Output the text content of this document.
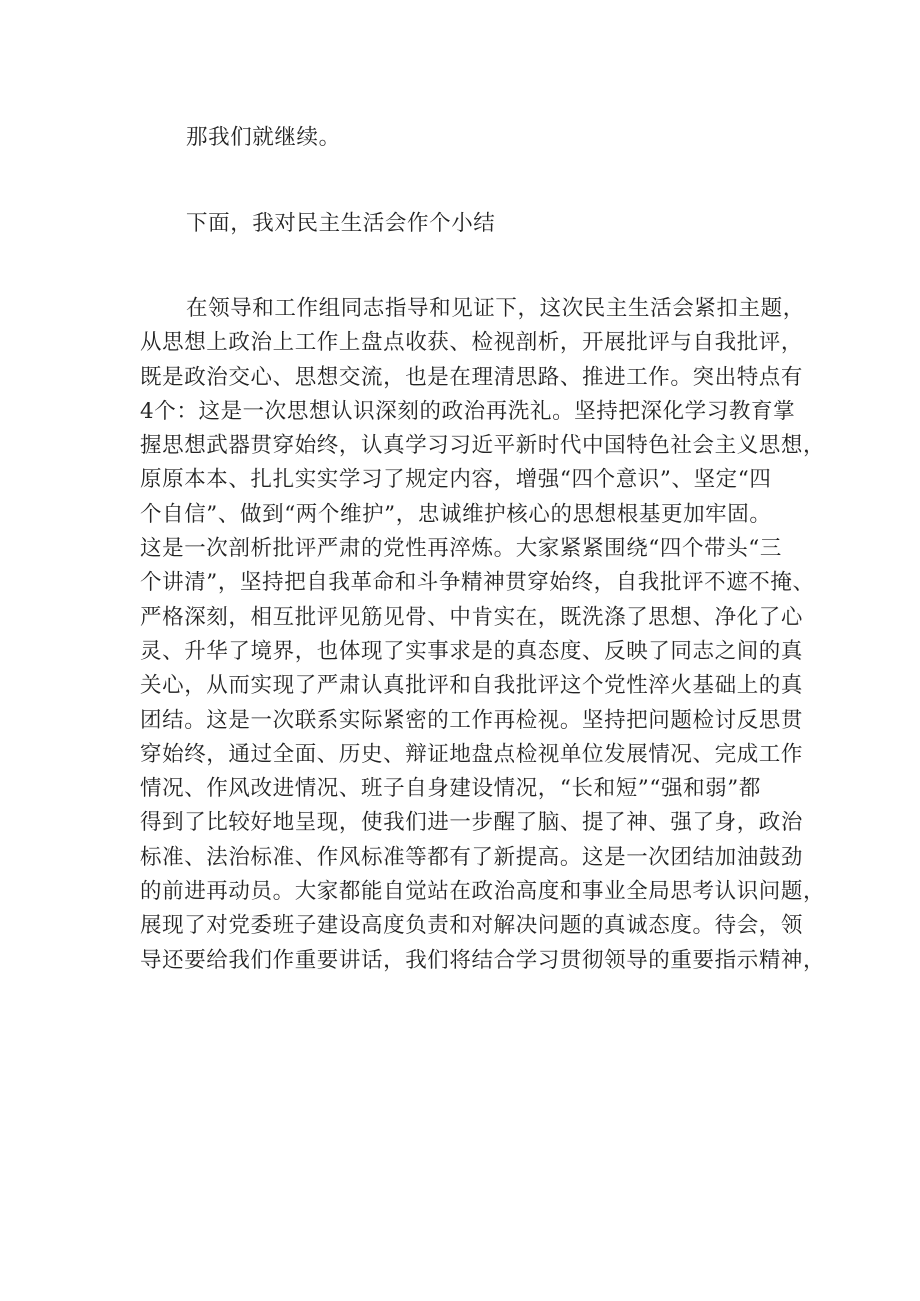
那我们就继续。

下面，我对民主生活会作个小结

在领导和工作组同志指导和见证下，这次民主生活会紧扣主题，
从思想上政治上工作上盘点收获、检视剖析，开展批评与自我批评，
既是政治交心、思想交流，也是在理清思路、推进工作。突出特点有
4个：这是一次思想认识深刻的政治再洗礼。坚持把深化学习教育掌
握思想武器贯穿始终，认真学习习近平新时代中国特色社会主义思想，
原原本本、扎扎实实学习了规定内容，增强“四个意识”、坚定“四
个自信”、做到“两个维护”，忠诚维护核心的思想根基更加牢固。
这是一次剖析批评严肃的党性再淬炼。大家紧紧围绕“四个带头“三
个讲清”，坚持把自我革命和斗争精神贯穿始终，自我批评不遮不掩、
严格深刻，相互批评见筋见骨、中肯实在，既洗涤了思想、净化了心
灵、升华了境界，也体现了实事求是的真态度、反映了同志之间的真
关心，从而实现了严肃认真批评和自我批评这个党性淬火基础上的真
团结。这是一次联系实际紧密的工作再检视。坚持把问题检讨反思贯
穿始终，通过全面、历史、辩证地盘点检视单位发展情况、完成工作
情况、作风改进情况、班子自身建设情况，“长和短”“强和弱”都
得到了比较好地呈现，使我们进一步醒了脑、提了神、强了身，政治
标准、法治标准、作风标准等都有了新提高。这是一次团结加油鼓劲
的前进再动员。大家都能自觉站在政治高度和事业全局思考认识问题，
展现了对党委班子建设高度负责和对解决问题的真诚态度。待会，领
导还要给我们作重要讲话，我们将结合学习贯彻领导的重要指示精神，
